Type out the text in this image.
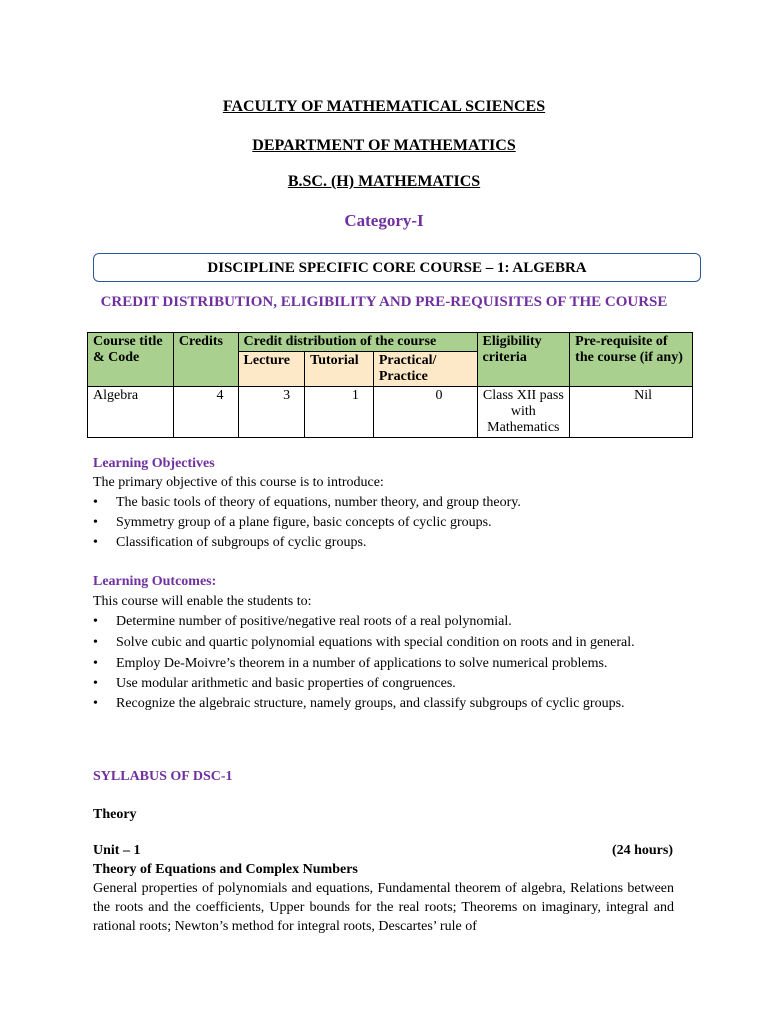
FACULTY OF MATHEMATICAL SCIENCES
DEPARTMENT OF MATHEMATICS
B.SC. (H) MATHEMATICS
Category-I
DISCIPLINE SPECIFIC CORE COURSE – 1: ALGEBRA
CREDIT DISTRIBUTION, ELIGIBILITY AND PRE-REQUISITES OF THE COURSE
Course title & Code	Credits	Credit distribution of the course			Eligibility criteria	Pre-requisite of the course (if any)
		Lecture	Tutorial	Practical/ Practice		
Algebra	4	3	1	0	Class XII pass with Mathematics	Nil
Learning Objectives
The primary objective of this course is to introduce:
• The basic tools of theory of equations, number theory, and group theory.
• Symmetry group of a plane figure, basic concepts of cyclic groups.
• Classification of subgroups of cyclic groups.
Learning Outcomes:
This course will enable the students to:
• Determine number of positive/negative real roots of a real polynomial.
• Solve cubic and quartic polynomial equations with special condition on roots and in general.
• Employ De-Moivre’s theorem in a number of applications to solve numerical problems.
• Use modular arithmetic and basic properties of congruences.
• Recognize the algebraic structure, namely groups, and classify subgroups of cyclic groups.
SYLLABUS OF DSC-1
Theory
Unit – 1	(24 hours)
Theory of Equations and Complex Numbers
General properties of polynomials and equations, Fundamental theorem of algebra, Relations between the roots and the coefficients, Upper bounds for the real roots; Theorems on imaginary, integral and rational roots; Newton’s method for integral roots, Descartes’ rule of
